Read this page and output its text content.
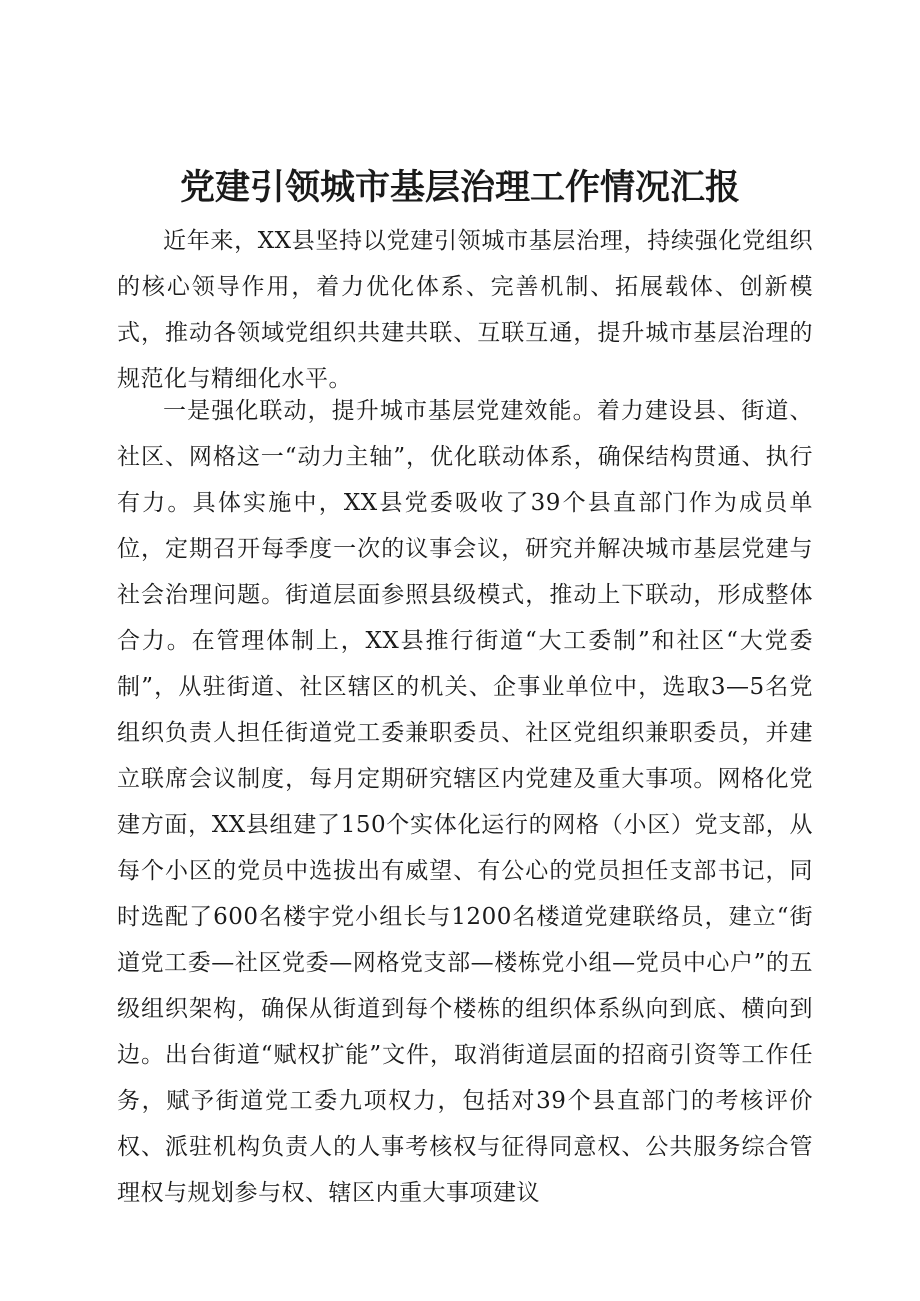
党建引领城市基层治理工作情况汇报

近年来，XX县坚持以党建引领城市基层治理，持续强化党组织的核心领导作用，着力优化体系、完善机制、拓展载体、创新模式，推动各领域党组织共建共联、互联互通，提升城市基层治理的规范化与精细化水平。

一是强化联动，提升城市基层党建效能。着力建设县、街道、社区、网格这一“动力主轴”，优化联动体系，确保结构贯通、执行有力。具体实施中，XX县党委吸收了39个县直部门作为成员单位，定期召开每季度一次的议事会议，研究并解决城市基层党建与社会治理问题。街道层面参照县级模式，推动上下联动，形成整体合力。在管理体制上，XX县推行街道“大工委制”和社区“大党委制”，从驻街道、社区辖区的机关、企事业单位中，选取3—5名党组织负责人担任街道党工委兼职委员、社区党组织兼职委员，并建立联席会议制度，每月定期研究辖区内党建及重大事项。网格化党建方面，XX县组建了150个实体化运行的网格（小区）党支部，从每个小区的党员中选拔出有威望、有公心的党员担任支部书记，同时选配了600名楼宇党小组长与1200名楼道党建联络员，建立“街道党工委—社区党委—网格党支部—楼栋党小组—党员中心户”的五级组织架构，确保从街道到每个楼栋的组织体系纵向到底、横向到边。出台街道“赋权扩能”文件，取消街道层面的招商引资等工作任务，赋予街道党工委九项权力，包括对39个县直部门的考核评价权、派驻机构负责人的人事考核权与征得同意权、公共服务综合管理权与规划参与权、辖区内重大事项建议
